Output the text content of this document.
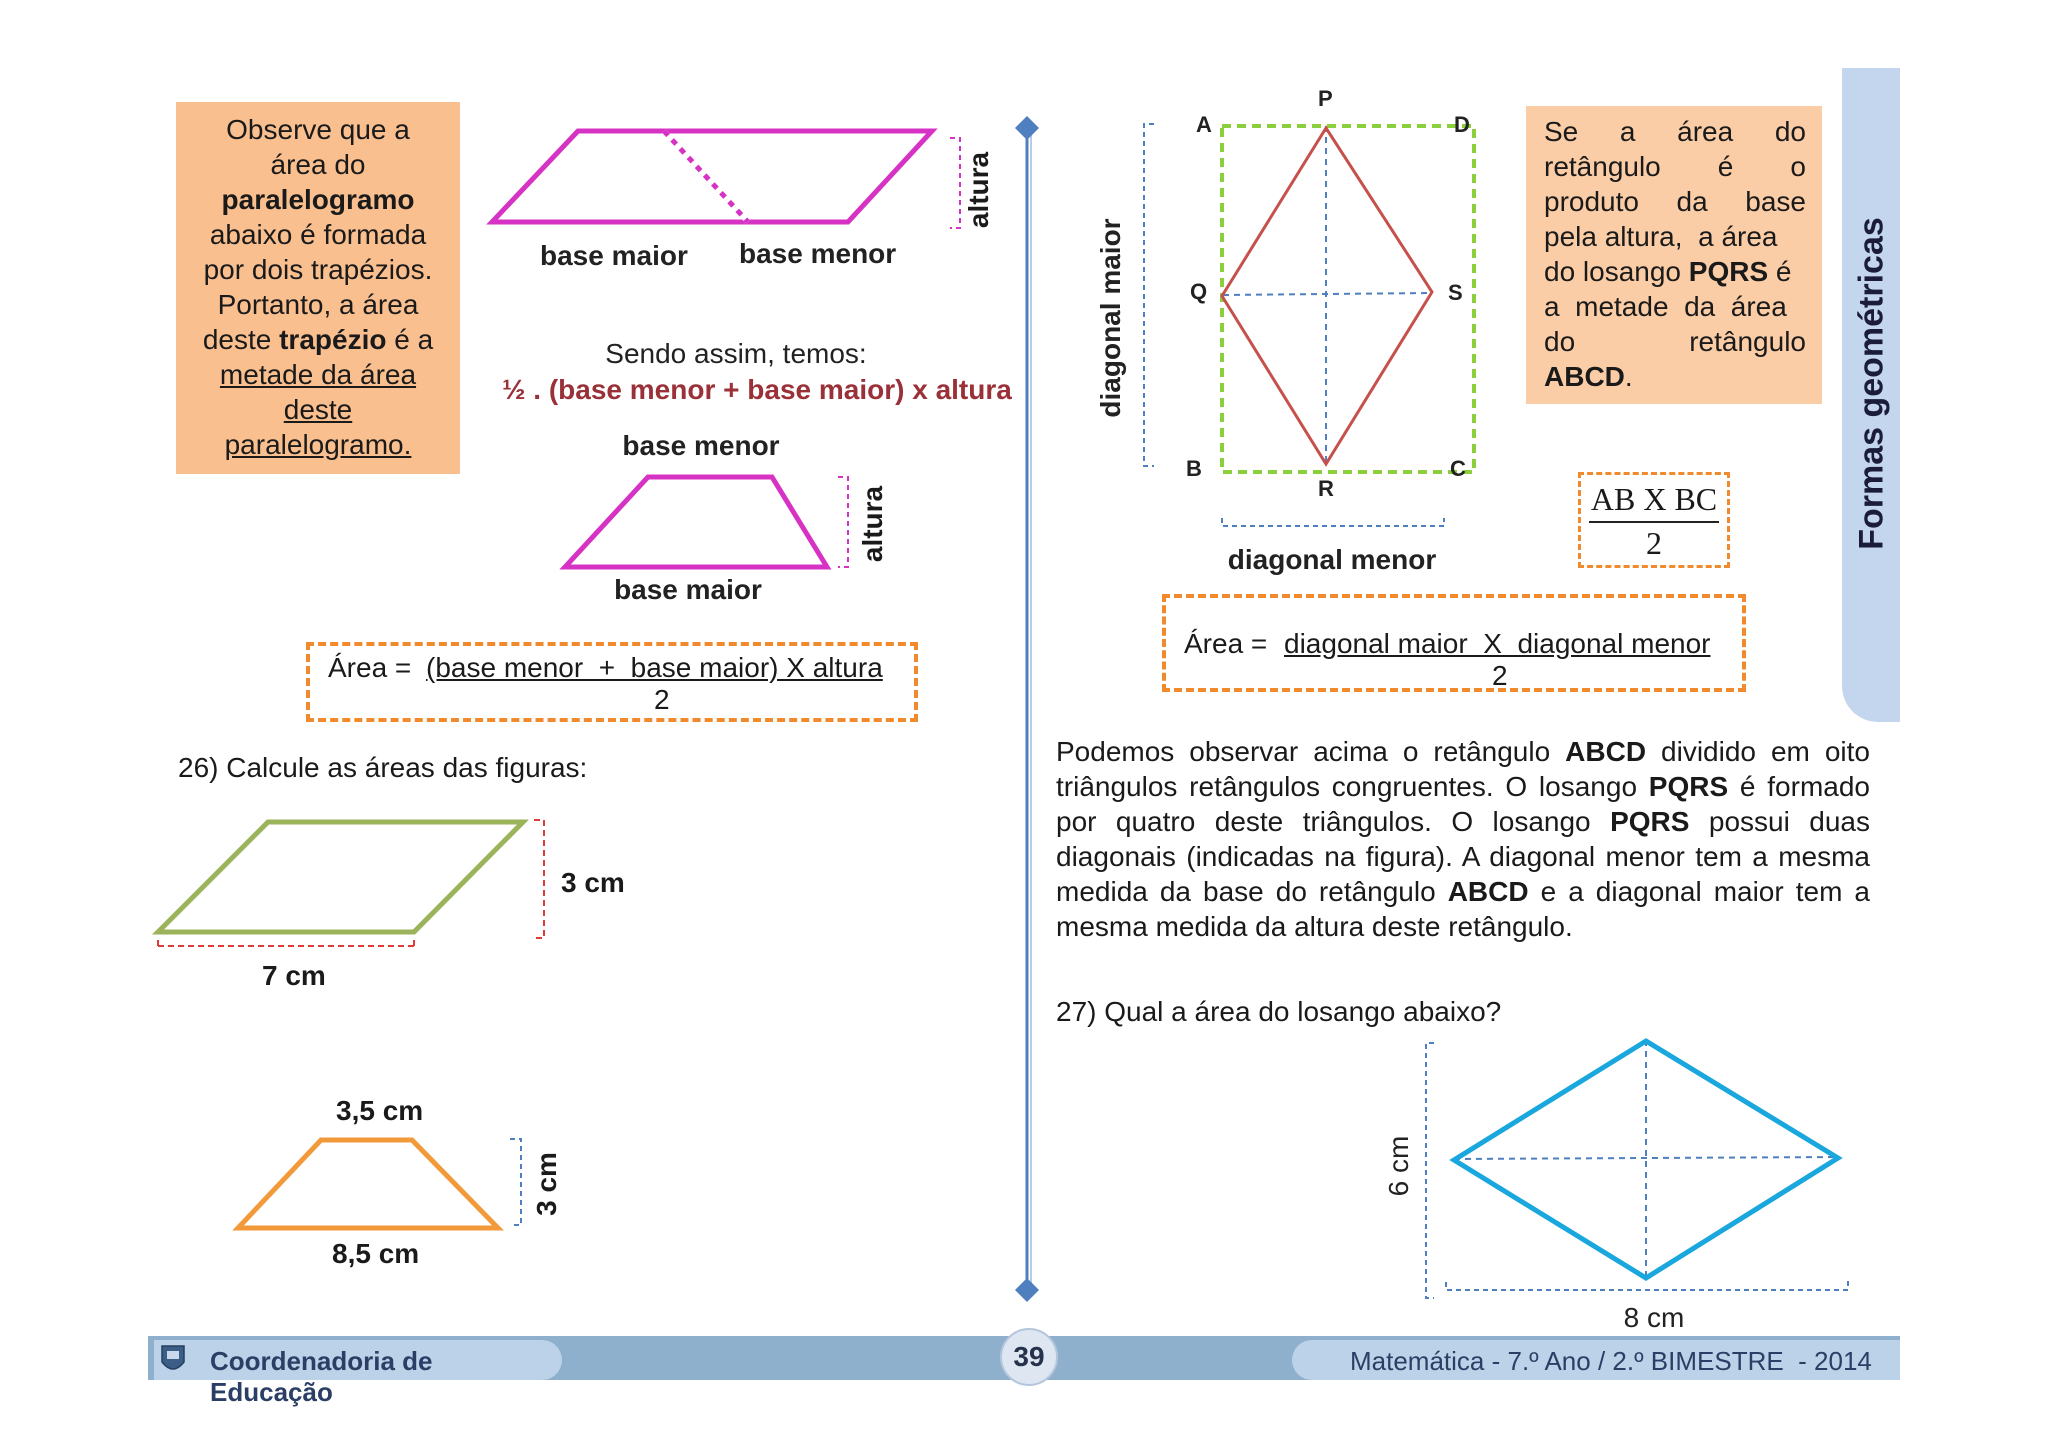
Observe que a
área do
paralelogramo
abaixo é formada
por dois trapézios.
Portanto, a área
deste trapézio é a
metade da área
deste
paralelogramo.
altura
base maior base menor
Sendo assim, temos:
½ . (base menor + base maior) x altura
base menor
altura
base maior
3 cm
7 cm
3,5 cm
3 cm
8,5 cm
Área = (base menor  +  base maior) X altura
2
26) Calcule as áreas das figuras:
A
P
D
Q	S
B
R
C
diagonal maior
diagonal menor
6 cm
8 cm
Se a área do
retângulo é o
produto da base
pela altura,  a área
do losango PQRS é
a  metade  da  área
do	retângulo
ABCD.
AB X BC
2
Área = diagonal maior  X  diagonal menor
2
Podemos observar acima o retângulo ABCD dividido em oito triângulos retângulos congruentes. O losango PQRS é formado por quatro deste triângulos. O losango PQRS possui duas diagonais (indicadas na figura). A diagonal menor tem a mesma medida da base do retângulo ABCD e a diagonal maior tem a mesma medida da altura deste retângulo.
27) Qual a área do losango abaixo?
Formas geométricas
Coordenadoria de Educação
39	Matemática - 7.º Ano / 2.º BIMESTRE  - 2014
